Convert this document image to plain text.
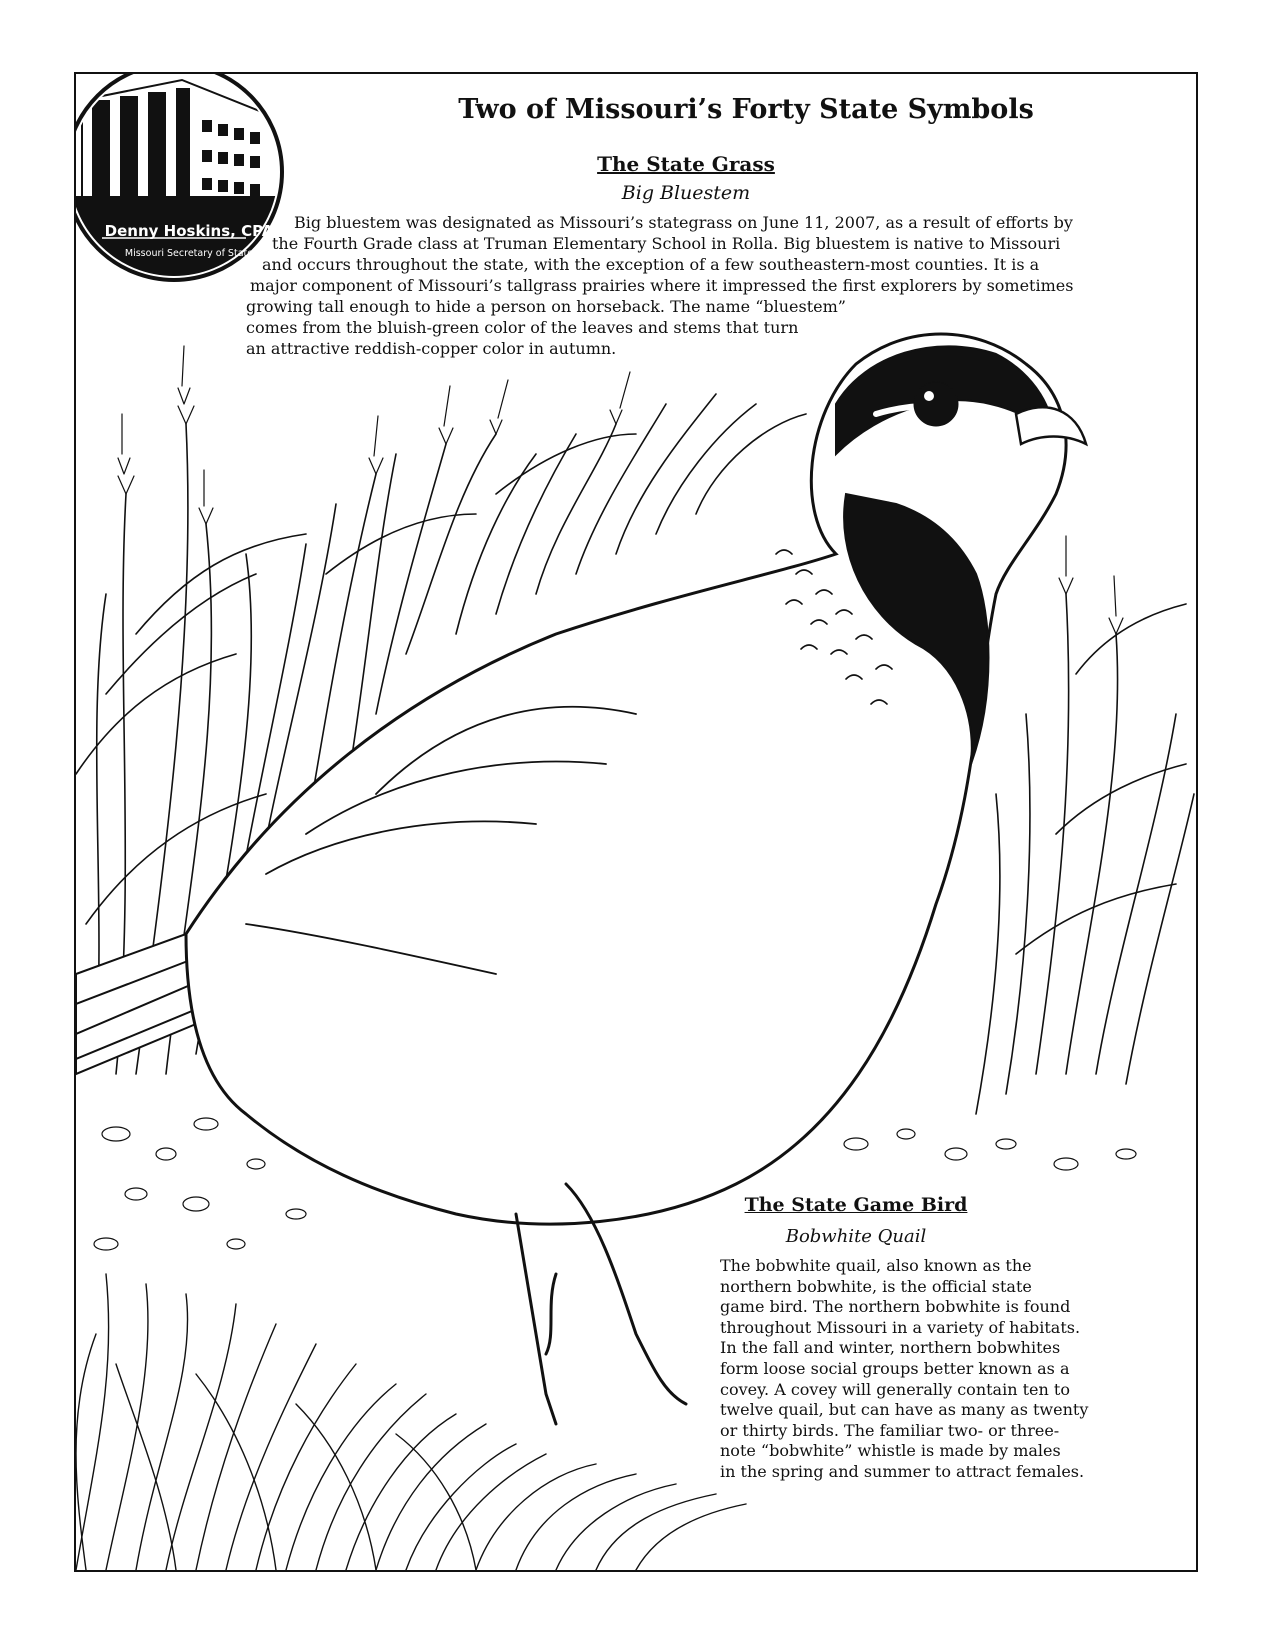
Denny Hoskins, CPA
Missouri Secretary of State
Two of Missouri’s Forty State Symbols
The State Grass
Big Bluestem
Big bluestem was designated as Missouri’s stategrass on June 11, 2007, as a result of efforts by
the Fourth Grade class at Truman Elementary School in Rolla. Big bluestem is native to Missouri
and occurs throughout the state, with the exception of a few southeastern-most counties. It is a
major component of Missouri’s tallgrass prairies where it impressed the first explorers by sometimes
growing tall enough to hide a person on horseback. The name “bluestem”
comes from the bluish-green color of the leaves and stems that turn
an attractive reddish-copper color in autumn.
The State Game Bird
Bobwhite Quail
The bobwhite quail, also known as the
northern bobwhite, is the official state
game bird. The northern bobwhite is found
throughout Missouri in a variety of habitats.
In the fall and winter, northern bobwhites
form loose social groups better known as a
covey. A covey will generally contain ten to
twelve quail, but can have as many as twenty
or thirty birds. The familiar two- or three-
note “bobwhite” whistle is made by males
in the spring and summer to attract females.
